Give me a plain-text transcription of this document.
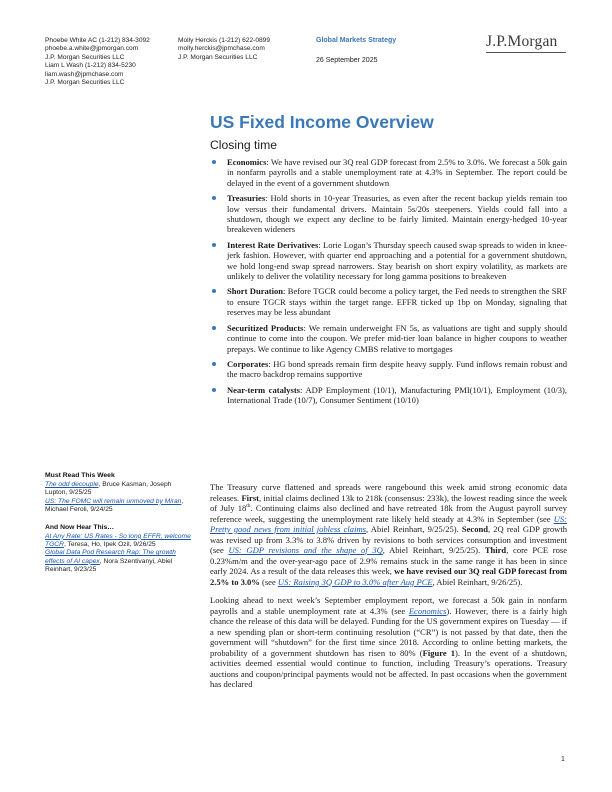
Phoebe White AC (1-212) 834-3092
phoebe.a.white@jpmorgan.com
J.P. Morgan Securities LLC
Liam L Wash (1-212) 834-5230
liam.wash@jpmchase.com
J.P. Morgan Securities LLC
Molly Herckis (1-212) 622-0899
molly.herckis@jpmchase.com
J.P. Morgan Securities LLC
Global Markets Strategy
26 September 2025
J.P.Morgan
US Fixed Income Overview
Closing time
Economics: We have revised our 3Q real GDP forecast from 2.5% to 3.0%. We forecast a 50k gain in nonfarm payrolls and a stable unemployment rate at 4.3% in September. The report could be delayed in the event of a government shutdown
Treasuries: Hold shorts in 10-year Treasuries, as even after the recent backup yields remain too low versus their fundamental drivers. Maintain 5s/20s steepeners. Yields could fall into a shutdown, though we expect any decline to be fairly limited. Maintain energy-hedged 10-year breakeven wideners
Interest Rate Derivatives: Lorie Logan’s Thursday speech caused swap spreads to widen in knee-jerk fashion. However, with quarter end approaching and a potential for a government shutdown, we hold long-end swap spread narrowers. Stay bearish on short expiry volatility, as markets are unlikely to deliver the volatility necessary for long gamma positions to breakeven
Short Duration: Before TGCR could become a policy target, the Fed needs to strengthen the SRF to ensure TGCR stays within the target range. EFFR ticked up 1bp on Monday, signaling that reserves may be less abundant
Securitized Products: We remain underweight FN 5s, as valuations are tight and supply should continue to come into the coupon. We prefer mid-tier loan balance in higher coupons to weather prepays. We continue to like Agency CMBS relative to mortgages
Corporates: HG bond spreads remain firm despite heavy supply. Fund inflows remain robust and the macro backdrop remains supportive
Near-term catalysts: ADP Employment (10/1), Manufacturing PMI(10/1), Employment (10/3), International Trade (10/7), Consumer Sentiment (10/10)
Must Read This Week
The odd decouple, Bruce Kasman, Joseph Lupton, 9/25/25
US: The FOMC will remain unmoved by Miran, Michael Feroli, 9/24/25
And Now Hear This…
At Any Rate: US Rates - So long EFFR, welcome TGCR, Teresa, Ho, Ipek Ozil, 9/26/25
Global Data Pod Research Rap: The growth effects of AI capex, Nora Szentivanyi, Abiel Reinhart, 9/23/25

The Treasury curve flattened and spreads were rangebound this week amid strong economic data releases. First, initial claims declined 13k to 218k (consensus: 233k), the lowest reading since the week of July 18th. Continuing claims also declined and have retreated 18k from the August payroll survey reference week, suggesting the unemployment rate likely held steady at 4.3% in September (see US: Pretty good news from initial jobless claims, Abiel Reinhart, 9/25/25). Second, 2Q real GDP growth was revised up from 3.3% to 3.8% driven by revisions to both services consumption and investment (see US: GDP revisions and the shape of 3Q, Abiel Reinhart, 9/25/25). Third, core PCE rose 0.23%m/m and the over-year-ago pace of 2.9% remains stuck in the same range it has been in since early 2024. As a result of the data releases this week, we have revised our 3Q real GDP forecast from 2.5% to 3.0% (see US: Raising 3Q GDP to 3.0% after Aug PCE, Abiel Reinhart, 9/26/25).

Looking ahead to next week’s September employment report, we forecast a 50k gain in nonfarm payrolls and a stable unemployment rate at 4.3% (see Economics). However, there is a fairly high chance the release of this data will be delayed. Funding for the US government expires on Tuesday — if a new spending plan or short-term continuing resolution (“CR”) is not passed by that date, then the government will “shutdown” for the first time since 2018. According to online betting markets, the probability of a government shutdown has risen to 80% (Figure 1). In the event of a shutdown, activities deemed essential would continue to function, including Treasury’s operations. Treasury auctions and coupon/principal payments would not be affected. In past occasions when the government has declared

1
